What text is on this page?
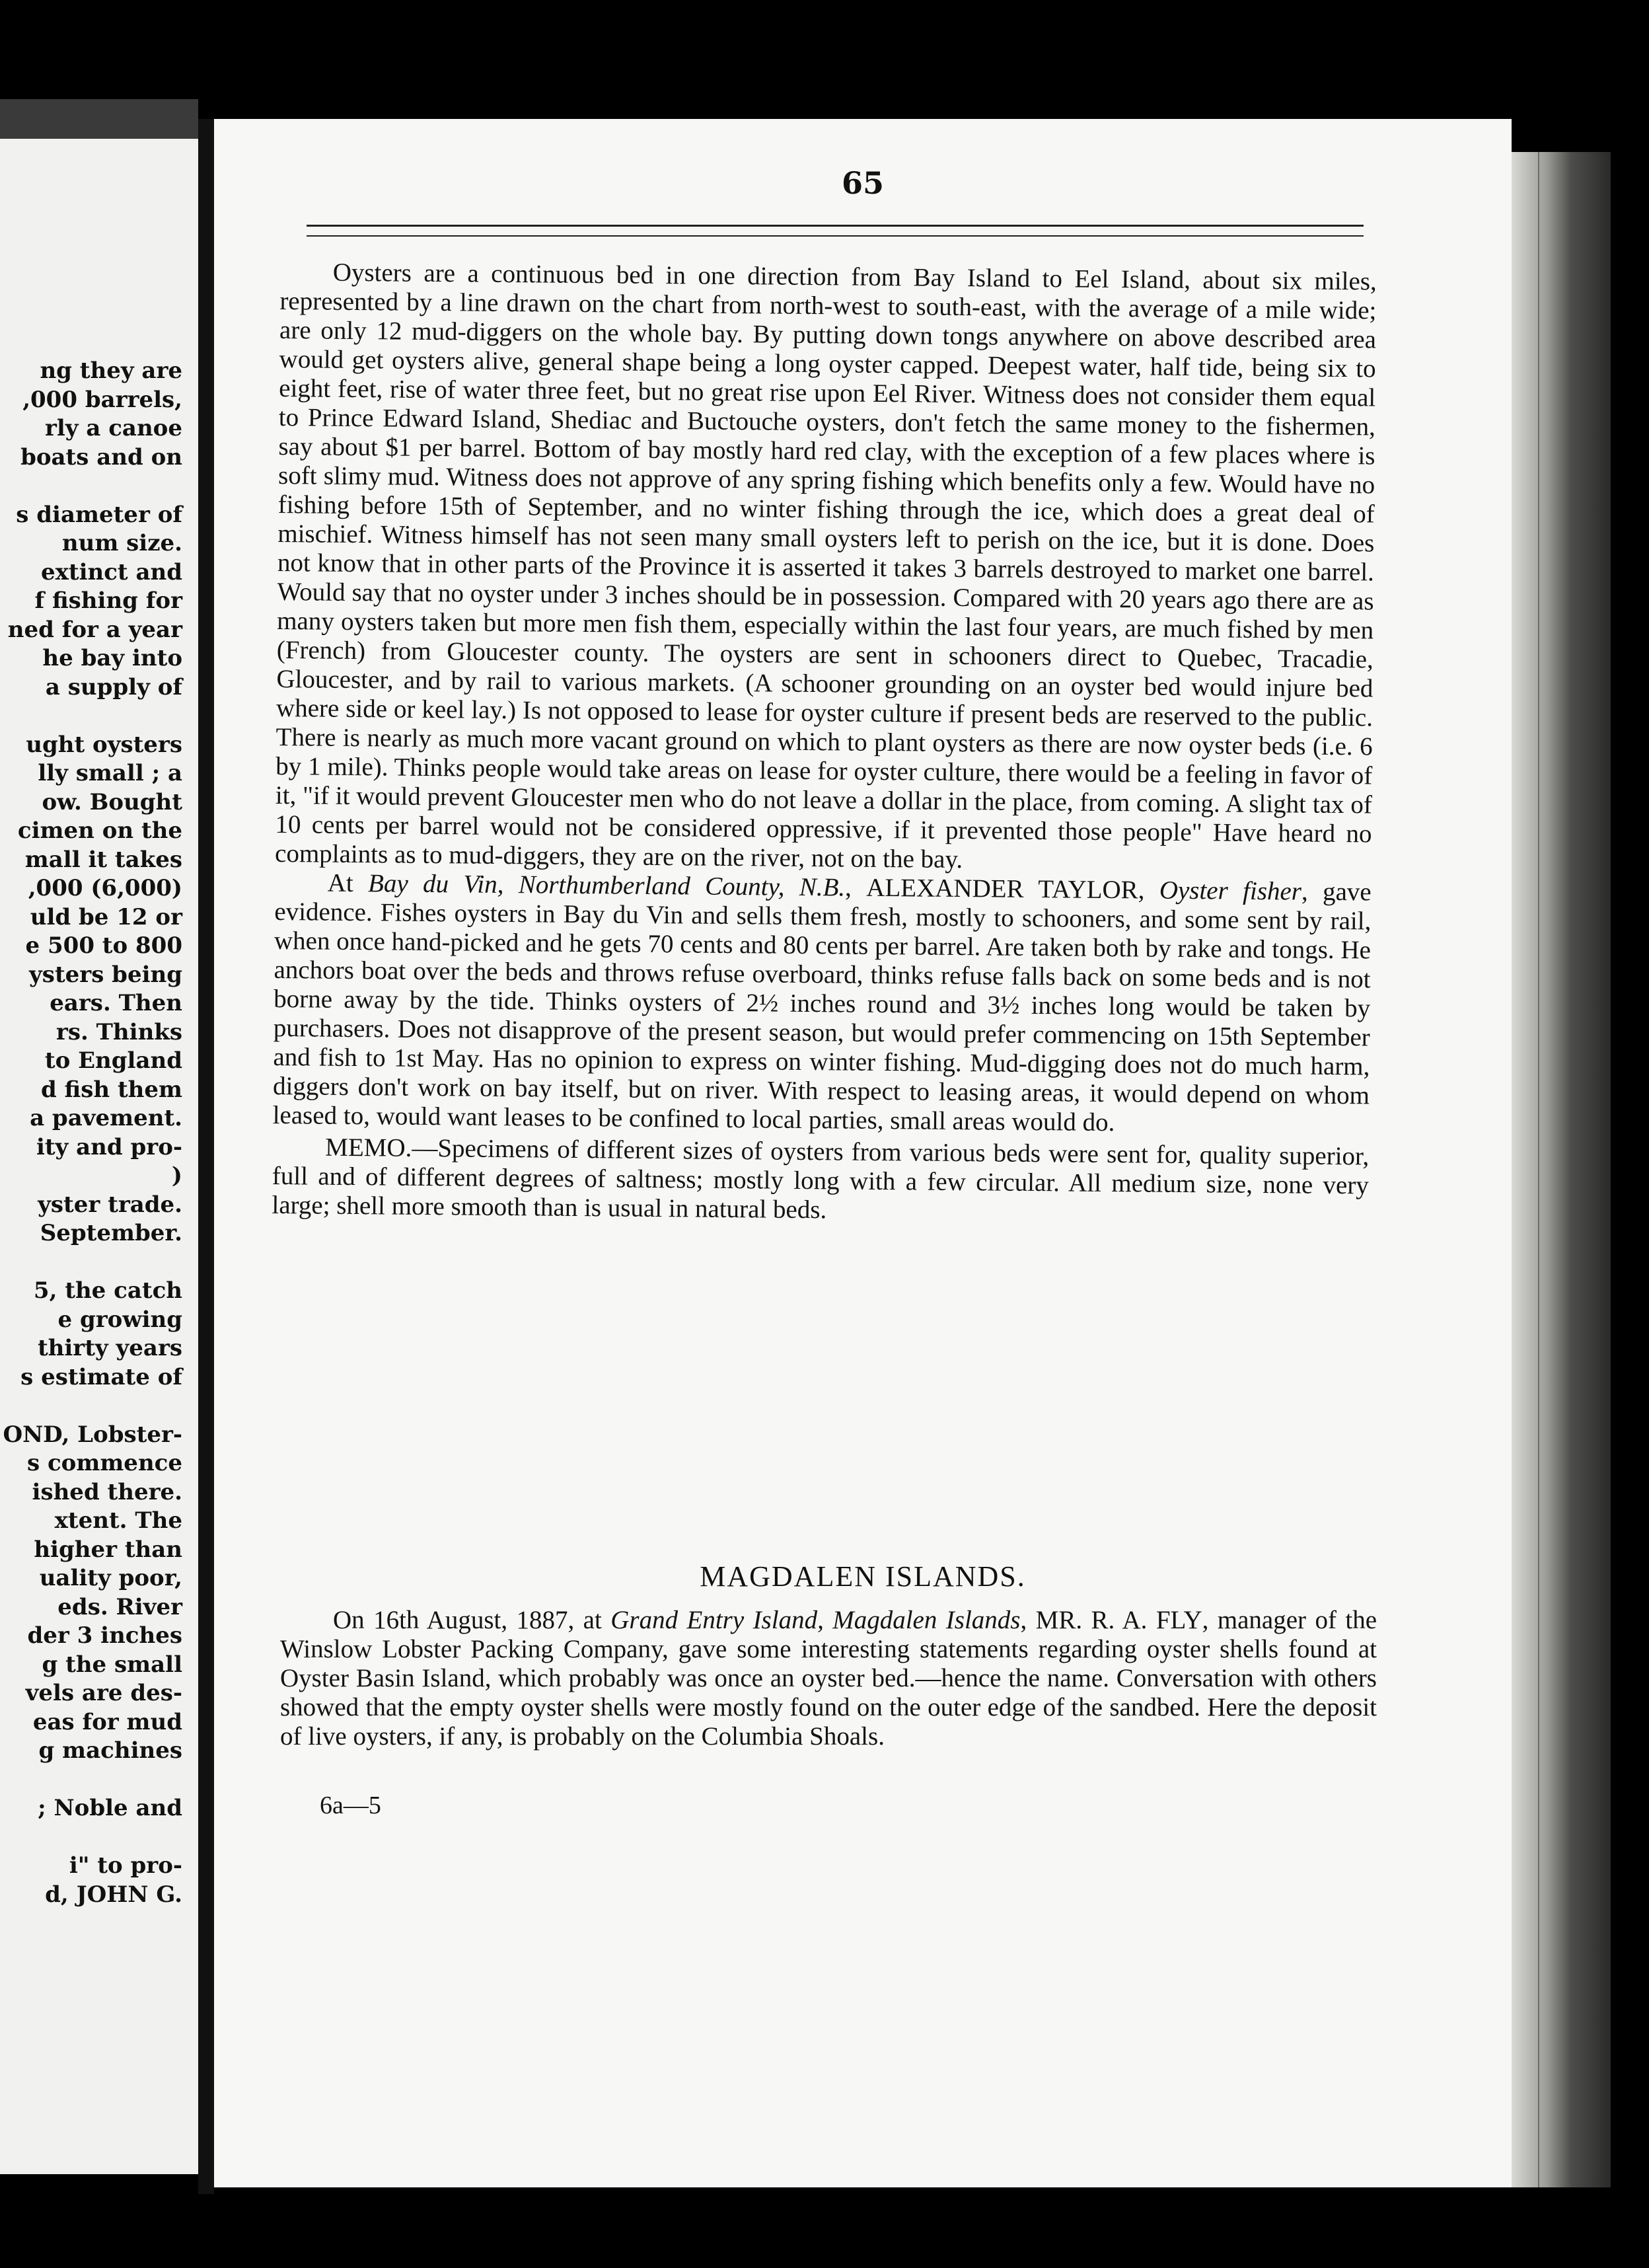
ng they are
,000 barrels,
rly a canoe
boats and on
s diameter of
num size.
extinct and
f fishing for
ned for a year
he bay into
a supply of
ught oysters
lly small ; a
ow. Bought
cimen on the
mall it takes
,000 (6,000)
uld be 12 or
e 500 to 800
ysters being
ears. Then
rs. Thinks
to England
d fish them
a pavement.
ity and pro-
)
yster trade.
September.
5, the catch
e growing
thirty years
s estimate of
OND, Lobster-
s commence
ished there.
xtent. The
higher than
uality poor,
eds. River
der 3 inches
g the small
vels are des-
eas for mud
g machines
; Noble and
i" to pro-
d, JOHN G.
65

Oysters are a continuous bed in one direction from Bay Island to Eel Island, about six miles, represented by a line drawn on the chart from north-west to south-east, with the average of a mile wide; are only 12 mud-diggers on the whole bay. By putting down tongs anywhere on above described area would get oysters alive, general shape being a long oyster capped. Deepest water, half tide, being six to eight feet, rise of water three feet, but no great rise upon Eel River. Witness does not consider them equal to Prince Edward Island, Shediac and Buctouche oysters, don't fetch the same money to the fishermen, say about $1 per barrel. Bottom of bay mostly hard red clay, with the exception of a few places where is soft slimy mud. Witness does not approve of any spring fishing which benefits only a few. Would have no fishing before 15th of September, and no winter fishing through the ice, which does a great deal of mischief. Witness himself has not seen many small oysters left to perish on the ice, but it is done. Does not know that in other parts of the Province it is asserted it takes 3 barrels destroyed to market one barrel. Would say that no oyster under 3 inches should be in possession. Compared with 20 years ago there are as many oysters taken but more men fish them, especially within the last four years, are much fished by men (French) from Gloucester county. The oysters are sent in schooners direct to Quebec, Tracadie, Gloucester, and by rail to various markets. (A schooner grounding on an oyster bed would injure bed where side or keel lay.) Is not opposed to lease for oyster culture if present beds are reserved to the public. There is nearly as much more vacant ground on which to plant oysters as there are now oyster beds (i.e. 6 by 1 mile). Thinks people would take areas on lease for oyster culture, there would be a feeling in favor of it, "if it would prevent Gloucester men who do not leave a dollar in the place, from coming. A slight tax of 10 cents per barrel would not be considered oppressive, if it prevented those people" Have heard no complaints as to mud-diggers, they are on the river, not on the bay.

At Bay du Vin, Northumberland County, N.B., ALEXANDER TAYLOR, Oyster fisher, gave evidence. Fishes oysters in Bay du Vin and sells them fresh, mostly to schooners, and some sent by rail, when once hand-picked and he gets 70 cents and 80 cents per barrel. Are taken both by rake and tongs. He anchors boat over the beds and throws refuse overboard, thinks refuse falls back on some beds and is not borne away by the tide. Thinks oysters of 2½ inches round and 3½ inches long would be taken by purchasers. Does not disapprove of the present season, but would prefer commencing on 15th September and fish to 1st May. Has no opinion to express on winter fishing. Mud-digging does not do much harm, diggers don't work on bay itself, but on river. With respect to leasing areas, it would depend on whom leased to, would want leases to be confined to local parties, small areas would do.

MEMO.—Specimens of different sizes of oysters from various beds were sent for, quality superior, full and of different degrees of saltness; mostly long with a few circular. All medium size, none very large; shell more smooth than is usual in natural beds.

MAGDALEN ISLANDS.

On 16th August, 1887, at Grand Entry Island, Magdalen Islands, MR. R. A. FLY, manager of the Winslow Lobster Packing Company, gave some interesting statements regarding oyster shells found at Oyster Basin Island, which probably was once an oyster bed.—hence the name. Conversation with others showed that the empty oyster shells were mostly found on the outer edge of the sandbed. Here the deposit of live oysters, if any, is probably on the Columbia Shoals.

6a—5
